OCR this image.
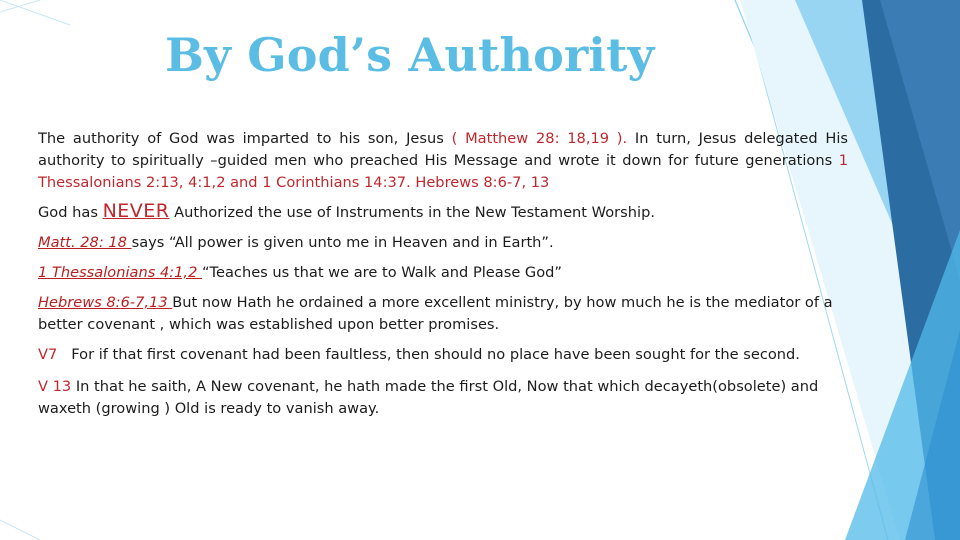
By God’s Authority

The authority of God was imparted to his son, Jesus ( Matthew 28: 18,19 ). In turn, Jesus delegated His authority to spiritually –guided men who preached His Message and wrote it down for future generations 1 Thessalonians 2:13, 4:1,2 and 1 Corinthians 14:37. Hebrews 8:6-7, 13

God has NEVER Authorized the use of Instruments in the New Testament Worship.

Matt. 28: 18 says “All power is given unto me in Heaven and in Earth”.

1 Thessalonians 4:1,2 “Teaches us that we are to Walk and Please God”

Hebrews 8:6-7,13 But now Hath he ordained a more excellent ministry, by how much he is the mediator of a better covenant , which was established upon better promises.

V7 For if that first covenant had been faultless, then should no place have been sought for the second.

V 13 In that he saith, A New covenant, he hath made the first Old, Now that which decayeth(obsolete) and waxeth (growing ) Old is ready to vanish away.
